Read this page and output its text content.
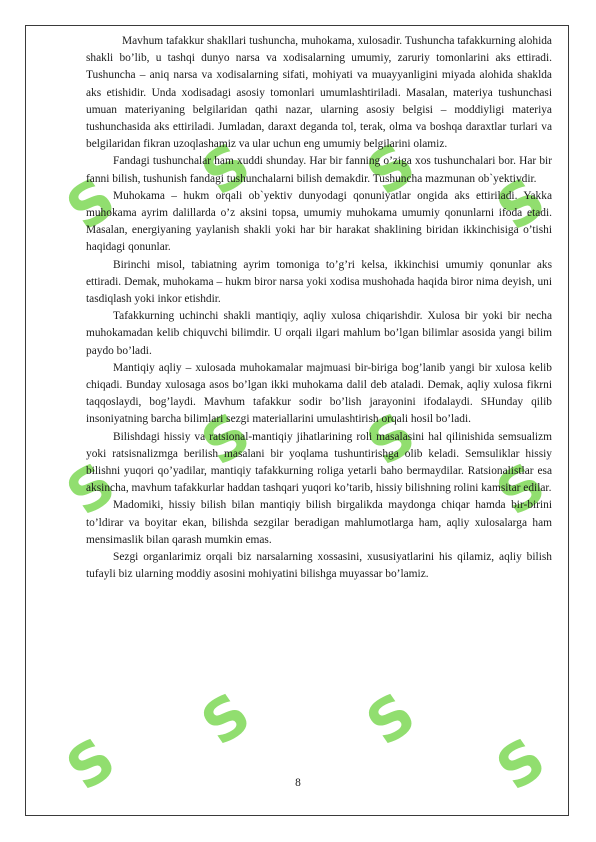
S S
S	S
S S
S	S
S S
S	S

Mavhum tafakkur shakllari tushuncha, muhokama, xulosadir. Tushuncha tafakkurning alohida shakli bo’lib, u tashqi dunyo narsa va xodisalarning umumiy, zaruriy tomonlarini aks ettiradi. Tushuncha – aniq narsa va xodisalarning sifati, mohiyati va muayyanligini miyada alohida shaklda aks etishidir. Unda xodisadagi asosiy tomonlari umumlashtiriladi. Masalan, materiya tushunchasi umuan materiyaning belgilaridan qathi nazar, ularning asosiy belgisi – moddiyligi materiya tushunchasida aks ettiriladi. Jumladan, daraxt deganda tol, terak, olma va boshqa daraxtlar turlari va belgilaridan fikran uzoqlashamiz va ular uchun eng umumiy belgilarini olamiz.

Fandagi tushunchalar ham xuddi shunday. Har bir fanning o’ziga xos tushunchalari bor. Har bir fanni bilish, tushunish fandagi tushunchalarni bilish demakdir. Tushuncha mazmunan ob`yektivdir.

Muhokama – hukm orqali ob`yektiv dunyodagi qonuniyatlar ongida aks ettiriladi. Yakka muhokama ayrim dalillarda o’z aksini topsa, umumiy muhokama umumiy qonunlarni ifoda etadi. Masalan, energiyaning yaylanish shakli yoki har bir harakat shaklining biridan ikkinchisiga o’tishi haqidagi qonunlar.

Birinchi misol, tabiatning ayrim tomoniga to’g’ri kelsa, ikkinchisi umumiy qonunlar aks ettiradi. Demak, muhokama – hukm biror narsa yoki xodisa mushohada haqida biror nima deyish, uni tasdiqlash yoki inkor etishdir.

Tafakkurning uchinchi shakli mantiqiy, aqliy xulosa chiqarishdir. Xulosa bir yoki bir necha muhokamadan kelib chiquvchi bilimdir. U orqali ilgari mahlum bo’lgan bilimlar asosida yangi bilim paydo bo’ladi.

Mantiqiy aqliy – xulosada muhokamalar majmuasi bir-biriga bog’lanib yangi bir xulosa kelib chiqadi. Bunday xulosaga asos bo’lgan ikki muhokama dalil deb ataladi. Demak, aqliy xulosa fikrni taqqoslaydi, bog’laydi. Mavhum tafakkur sodir bo’lish jarayonini ifodalaydi. SHunday qilib insoniyatning barcha bilimlari sezgi materiallarini umulashtirish orqali hosil bo’ladi.

Bilishdagi hissiy va ratsional-mantiqiy jihatlarining roli masalasini hal qilinishida semsualizm yoki ratsisnalizmga berilish masalani bir yoqlama tushuntirishga olib keladi. Semsuliklar hissiy bilishni yuqori qo’yadilar, mantiqiy tafakkurning roliga yetarli baho bermaydilar. Ratsionalistlar esa aksincha, mavhum tafakkurlar haddan tashqari yuqori ko’tarib, hissiy bilishning rolini kamsitar edilar.

Madomiki, hissiy bilish bilan mantiqiy bilish birgalikda maydonga chiqar hamda bir-birini to’ldirar va boyitar ekan, bilishda sezgilar beradigan mahlumotlarga ham, aqliy xulosalarga ham mensimaslik bilan qarash mumkin emas.

Sezgi organlarimiz orqali biz narsalarning xossasini, xususiyatlarini his qilamiz, aqliy bilish tufayli biz ularning moddiy asosini mohiyatini bilishga muyassar bo’lamiz.

8
